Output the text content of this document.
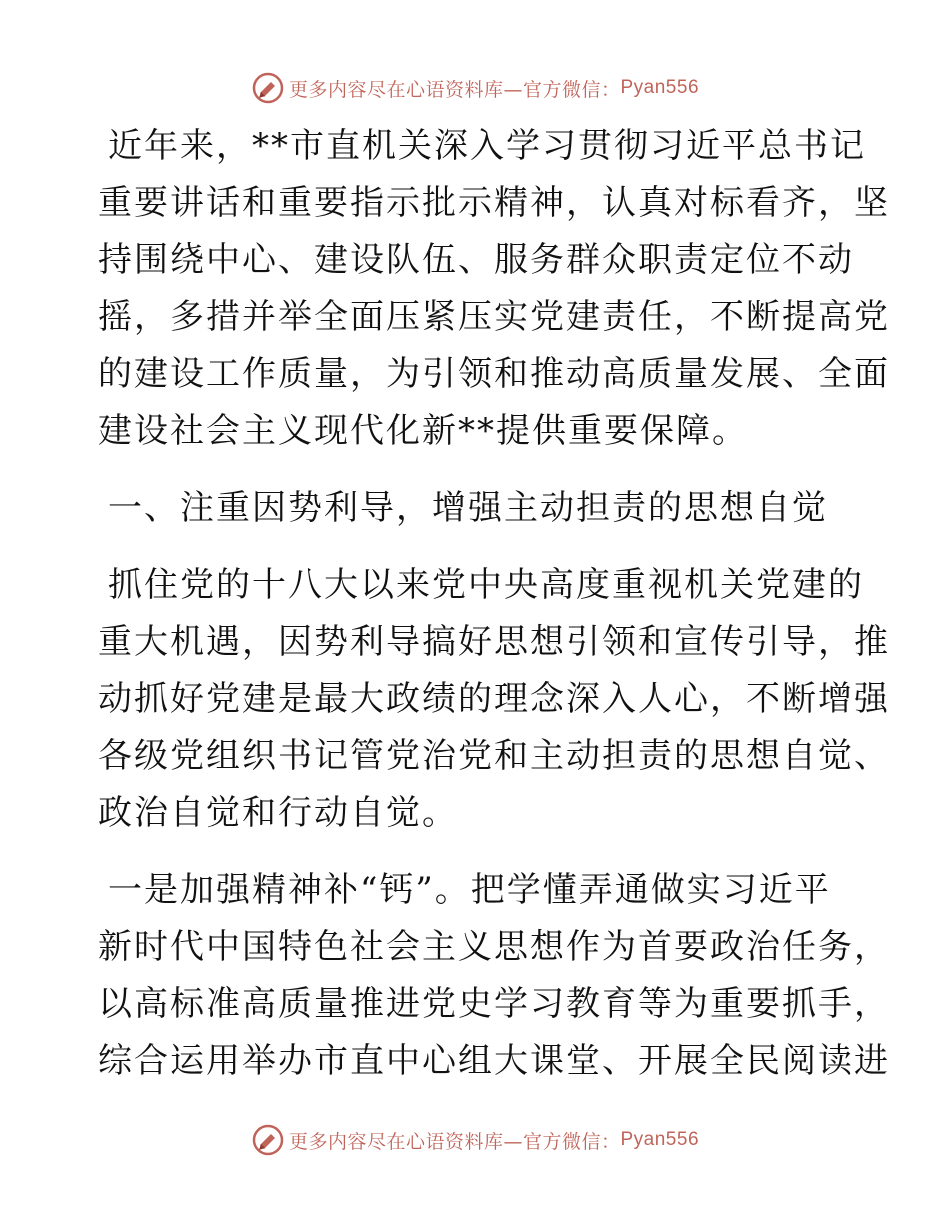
更多内容尽在心语资料库—官方微信： Pyan556
近年来，**市直机关深入学习贯彻习近平总书记
重要讲话和重要指示批示精神，认真对标看齐，坚
持围绕中心、建设队伍、服务群众职责定位不动
摇，多措并举全面压紧压实党建责任，不断提高党
的建设工作质量，为引领和推动高质量发展、全面
建设社会主义现代化新**提供重要保障。
一、注重因势利导，增强主动担责的思想自觉
抓住党的十八大以来党中央高度重视机关党建的
重大机遇，因势利导搞好思想引领和宣传引导，推
动抓好党建是最大政绩的理念深入人心，不断增强
各级党组织书记管党治党和主动担责的思想自觉、
政治自觉和行动自觉。
一是加强精神补“钙”。把学懂弄通做实习近平
新时代中国特色社会主义思想作为首要政治任务，
以高标准高质量推进党史学习教育等为重要抓手，
综合运用举办市直中心组大课堂、开展全民阅读进
更多内容尽在心语资料库—官方微信： Pyan556
